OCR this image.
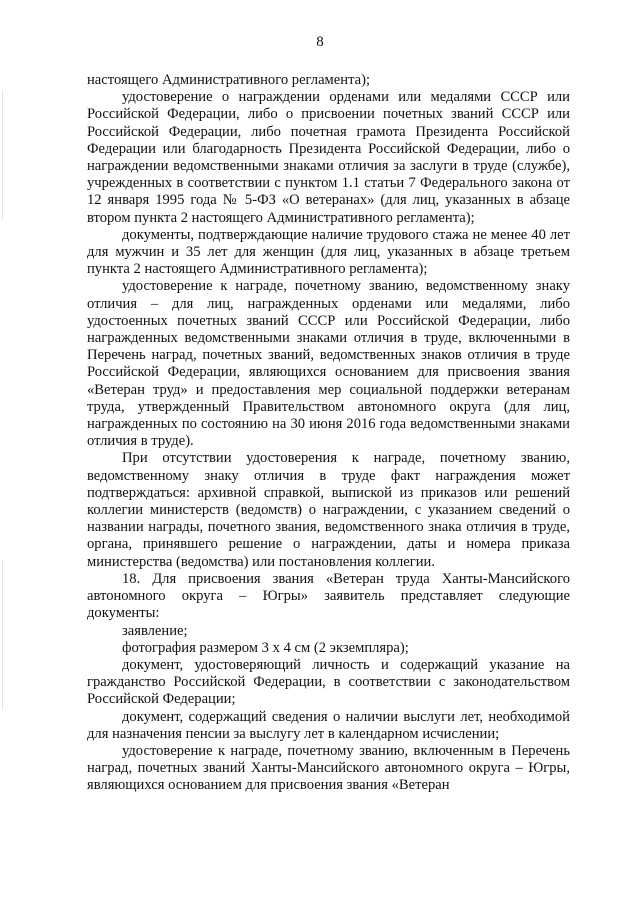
8

настоящего Административного регламента);

удостоверение о награждении орденами или медалями СССР или Российской Федерации, либо о присвоении почетных званий СССР или Российской Федерации, либо почетная грамота Президента Российской Федерации или благодарность Президента Российской Федерации, либо о награждении ведомственными знаками отличия за заслуги в труде (службе), учрежденных в соответствии с пунктом 1.1 статьи 7 Федерального закона от 12 января 1995 года № 5-ФЗ «О ветеранах» (для лиц, указанных в абзаце втором пункта 2 настоящего Административного регламента);

документы, подтверждающие наличие трудового стажа не менее 40 лет для мужчин и 35 лет для женщин (для лиц, указанных в абзаце третьем пункта 2 настоящего Административного регламента);

удостоверение к награде, почетному званию, ведомственному знаку отличия – для лиц, награжденных орденами или медалями, либо удостоенных почетных званий СССР или Российской Федерации, либо награжденных ведомственными знаками отличия в труде, включенными в Перечень наград, почетных званий, ведомственных знаков отличия в труде Российской Федерации, являющихся основанием для присвоения звания «Ветеран труд» и предоставления мер социальной поддержки ветеранам труда, утвержденный Правительством автономного округа (для лиц, награжденных по состоянию на 30 июня 2016 года ведомственными знаками отличия в труде).

При отсутствии удостоверения к награде, почетному званию, ведомственному знаку отличия в труде факт награждения может подтверждаться: архивной справкой, выпиской из приказов или решений коллегии министерств (ведомств) о награждении, с указанием сведений о названии награды, почетного звания, ведомственного знака отличия в труде, органа, принявшего решение о награждении, даты и номера приказа министерства (ведомства) или постановления коллегии.

18. Для присвоения звания «Ветеран труда Ханты-Мансийского автономного округа – Югры» заявитель представляет следующие документы:

заявление;

фотография размером 3 х 4 см (2 экземпляра);

документ, удостоверяющий личность и содержащий указание на гражданство Российской Федерации, в соответствии с законодательством Российской Федерации;

документ, содержащий сведения о наличии выслуги лет, необходимой для назначения пенсии за выслугу лет в календарном исчислении;

удостоверение к награде, почетному званию, включенным в Перечень наград, почетных званий Ханты-Мансийского автономного округа – Югры, являющихся основанием для присвоения звания «Ветеран
